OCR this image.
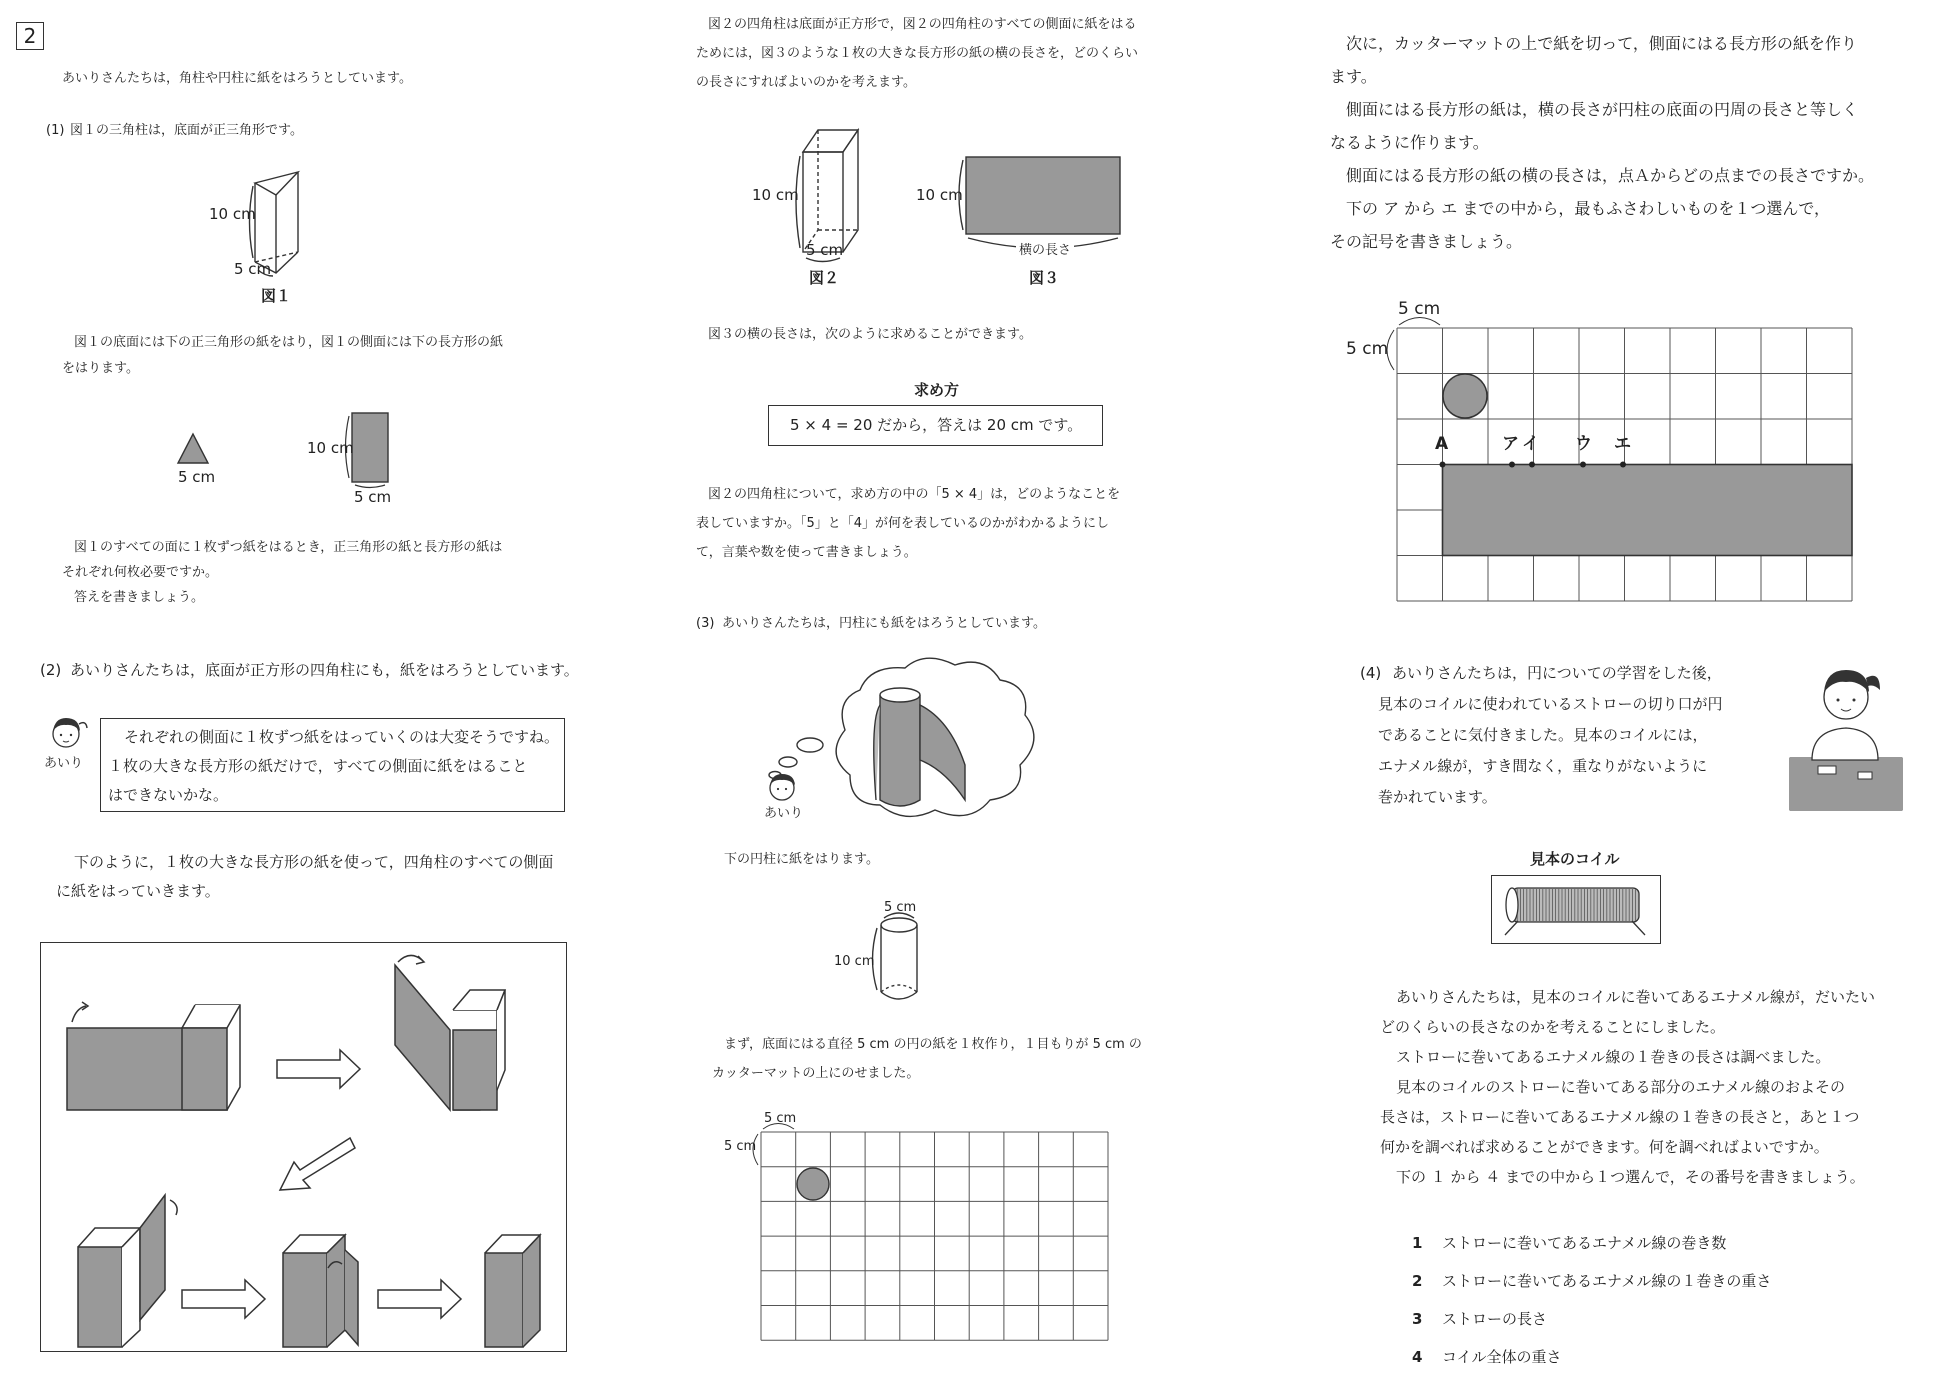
2
あいりさんたちは，角柱や円柱に紙をはろうとしています。
(1) 図１の三角柱は，底面が正三角形です。
10 cm
5 cm
図１
図１の底面には下の正三角形の紙をはり，図１の側面には下の長方形の紙
をはります。
5 cm
10 cm
5 cm
図１のすべての面に１枚ずつ紙をはるとき，正三角形の紙と長方形の紙は
それぞれ何枚必要ですか。
答えを書きましょう。
(2) あいりさんたちは，底面が正方形の四角柱にも，紙をはろうとしています。
あいり
それぞれの側面に１枚ずつ紙をはっていくのは大変そうですね。
１枚の大きな長方形の紙だけで，すべての側面に紙をはること
はできないかな。
下のように，１枚の大きな長方形の紙を使って，四角柱のすべての側面
に紙をはっていきます。
図２の四角柱は底面が正方形で，図２の四角柱のすべての側面に紙をはる
ためには，図３のような１枚の大きな長方形の紙の横の長さを，どのくらい
の長さにすればよいのかを考えます。
10 cm
5 cm
図２
10 cm
横の長さ
図３
図３の横の長さは，次のように求めることができます。
求め方
5 × 4 = 20 だから，答えは 20 cm です。
図２の四角柱について，求め方の中の「5 × 4」は，どのようなことを
表していますか。「5」と「4」が何を表しているのかがわかるようにし
て，言葉や数を使って書きましょう。
(3) あいりさんたちは，円柱にも紙をはろうとしています。
あいり
下の円柱に紙をはります。
5 cm
10 cm
まず，底面にはる直径 5 cm の円の紙を１枚作り，１目もりが 5 cm の
カッターマットの上にのせました。
5 cm
5 cm
次に，カッターマットの上で紙を切って，側面にはる長方形の紙を作り
ます。
側面にはる長方形の紙は，横の長さが円柱の底面の円周の長さと等しく
なるように作ります。
側面にはる長方形の紙の横の長さは，点Ａからどの点までの長さですか。
下の ア から エ までの中から，最もふさわしいものを１つ選んで，
その記号を書きましょう。
5 cm
5 cm
A	ア イ ウ エ
(4) あいりさんたちは，円についての学習をした後，
見本のコイルに使われているストローの切り口が円
であることに気付きました。見本のコイルには，
エナメル線が，すき間なく，重なりがないように
巻かれています。
見本のコイル
あいりさんたちは，見本のコイルに巻いてあるエナメル線が，だいたい
どのくらいの長さなのかを考えることにしました。
ストローに巻いてあるエナメル線の１巻きの長さは調べました。
見本のコイルのストローに巻いてある部分のエナメル線のおよその
長さは，ストローに巻いてあるエナメル線の１巻きの長さと，あと１つ
何かを調べれば求めることができます。何を調べればよいですか。
下の １ から ４ までの中から１つ選んで，その番号を書きましょう。
1 ストローに巻いてあるエナメル線の巻き数
2 ストローに巻いてあるエナメル線の１巻きの重さ
3 ストローの長さ
4 コイル全体の重さ
